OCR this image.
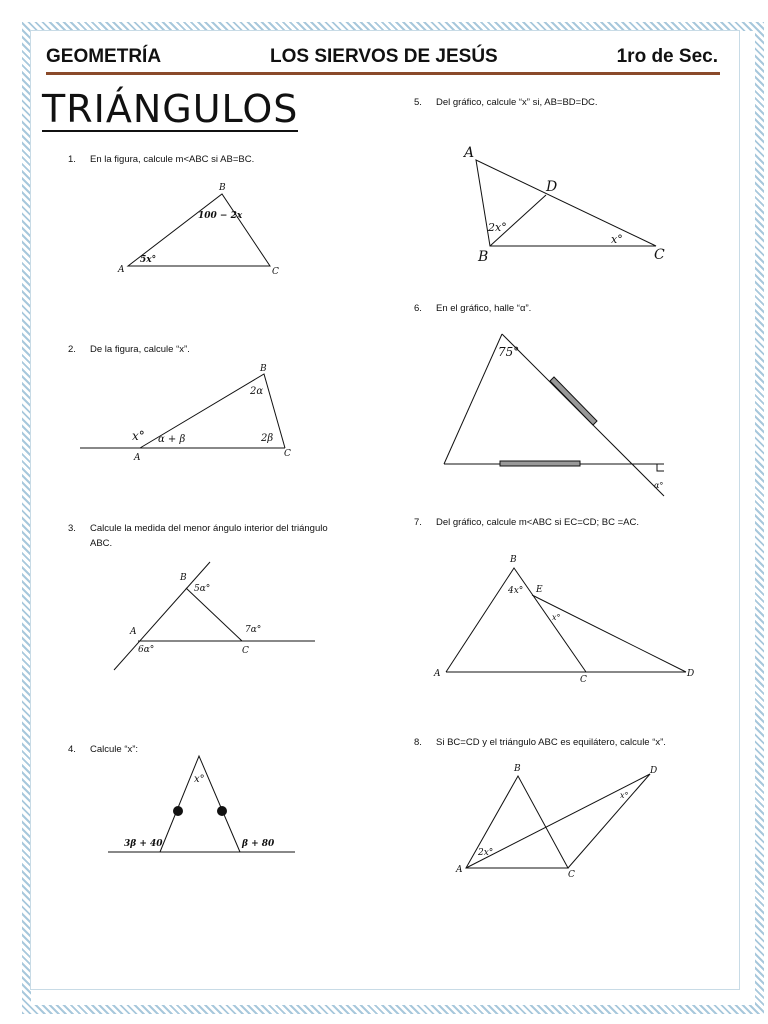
GEOMETRÍA	LOS SIERVOS DE JESÚS	1ro de Sec.
TRIÁNGULOS
1. En la figura, calcule m<ABC si AB=BC.
A
B
C
5x°
100 − 2x
2. De la figura, calcule “x”.
A
B
C
x° α + β
2α
2β
3. Calcule la medida del menor ángulo interior del triángulo ABC.
A
B
C
6α°
5α°
7α°
4. Calcule “x”:
x°
3β + 40	β + 80
5. Del gráfico, calcule “x” si, AB=BD=DC.
A
B	C
D
2x°
x°
6. En el gráfico, halle “α”.
75°
α°
7. Del gráfico, calcule m<ABC si EC=CD; BC =AC.
A
B
C
D
E
4x°
x°
8. Si BC=CD y el triángulo ABC es equilátero, calcule “x”.
A
B
C
D
2x°
x°
